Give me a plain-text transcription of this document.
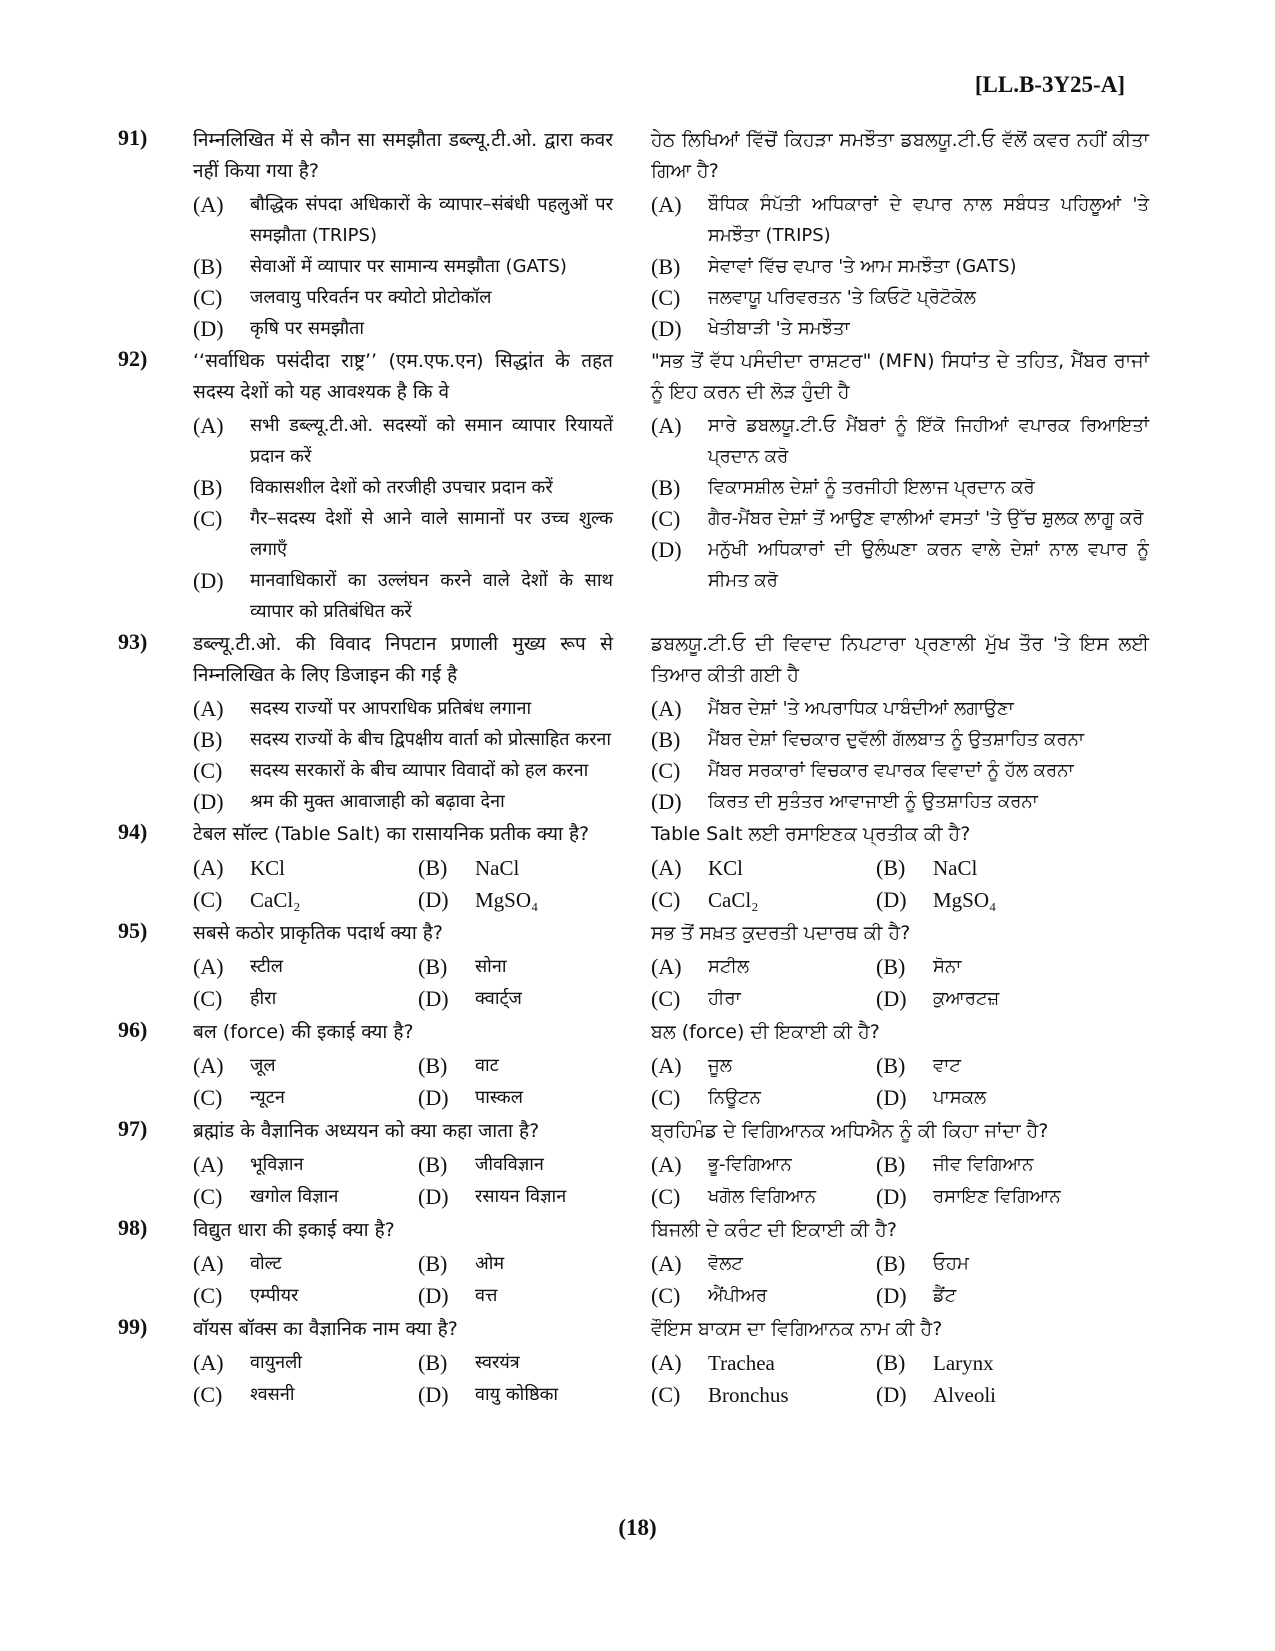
[LL.B-3Y25-A]
91) निम्नलिखित में से कौन सा समझौता डब्ल्यू.टी.ओ. द्वारा कवर नहीं किया गया है?
(A)	बौद्धिक संपदा अधिकारों के व्यापार–संबंधी पहलुओं पर समझौता (TRIPS)
(B)	सेवाओं में व्यापार पर सामान्य समझौता (GATS)
(C)	जलवायु परिवर्तन पर क्योटो प्रोटोकॉल
(D)	कृषि पर समझौता
ਹੇਠ ਲਿਖਿਆਂ ਵਿੱਚੋਂ ਕਿਹੜਾ ਸਮਝੌਤਾ ਡਬਲਯੂ.ਟੀ.ਓ ਵੱਲੋਂ ਕਵਰ ਨਹੀਂ ਕੀਤਾ ਗਿਆ ਹੈ?
(A)	ਬੌਧਿਕ ਸੰਪੱਤੀ ਅਧਿਕਾਰਾਂ ਦੇ ਵਪਾਰ ਨਾਲ ਸਬੰਧਤ ਪਹਿਲੂਆਂ 'ਤੇ ਸਮਝੌਤਾ (TRIPS)
(B)	ਸੇਵਾਵਾਂ ਵਿੱਚ ਵਪਾਰ 'ਤੇ ਆਮ ਸਮਝੌਤਾ (GATS)
(C)	ਜਲਵਾਯੂ ਪਰਿਵਰਤਨ 'ਤੇ ਕਿਓਟੋ ਪ੍ਰੋਟੋਕੋਲ
(D)	ਖੇਤੀਬਾੜੀ 'ਤੇ ਸਮਝੌਤਾ
92) ‘‘सर्वाधिक पसंदीदा राष्ट्र’’ (एम.एफ.एन) सिद्धांत के तहत सदस्य देशों को यह आवश्यक है कि वे
(A)	सभी डब्ल्यू.टी.ओ. सदस्यों को समान व्यापार रियायतें प्रदान करें
(B)	विकासशील देशों को तरजीही उपचार प्रदान करें
(C)	गैर–सदस्य देशों से आने वाले सामानों पर उच्च शुल्क लगाएँ
(D)	मानवाधिकारों का उल्लंघन करने वाले देशों के साथ व्यापार को प्रतिबंधित करें
"ਸਭ ਤੋਂ ਵੱਧ ਪਸੰਦੀਦਾ ਰਾਸ਼ਟਰ" (MFN) ਸਿਧਾਂਤ ਦੇ ਤਹਿਤ, ਮੈਂਬਰ ਰਾਜਾਂ ਨੂੰ ਇਹ ਕਰਨ ਦੀ ਲੋੜ ਹੁੰਦੀ ਹੈ
(A)	ਸਾਰੇ ਡਬਲਯੂ.ਟੀ.ਓ ਮੈਂਬਰਾਂ ਨੂੰ ਇੱਕੋ ਜਿਹੀਆਂ ਵਪਾਰਕ ਰਿਆਇਤਾਂ ਪ੍ਰਦਾਨ ਕਰੋ
(B)	ਵਿਕਾਸਸ਼ੀਲ ਦੇਸ਼ਾਂ ਨੂੰ ਤਰਜੀਹੀ ਇਲਾਜ ਪ੍ਰਦਾਨ ਕਰੋ
(C)	ਗੈਰ-ਮੈਂਬਰ ਦੇਸ਼ਾਂ ਤੋਂ ਆਉਣ ਵਾਲੀਆਂ ਵਸਤਾਂ 'ਤੇ ਉੱਚ ਸ਼ੁਲਕ ਲਾਗੂ ਕਰੋ
(D)	ਮਨੁੱਖੀ ਅਧਿਕਾਰਾਂ ਦੀ ਉਲੰਘਣਾ ਕਰਨ ਵਾਲੇ ਦੇਸ਼ਾਂ ਨਾਲ ਵਪਾਰ ਨੂੰ ਸੀਮਤ ਕਰੋ
93) डब्ल्यू.टी.ओ. की विवाद निपटान प्रणाली मुख्य रूप से निम्नलिखित के लिए डिजाइन की गई है
(A)	सदस्य राज्यों पर आपराधिक प्रतिबंध लगाना
(B)	सदस्य राज्यों के बीच द्विपक्षीय वार्ता को प्रोत्साहित करना
(C)	सदस्य सरकारों के बीच व्यापार विवादों को हल करना
(D)	श्रम की मुक्त आवाजाही को बढ़ावा देना
ਡਬਲਯੂ.ਟੀ.ਓ ਦੀ ਵਿਵਾਦ ਨਿਪਟਾਰਾ ਪ੍ਰਣਾਲੀ ਮੁੱਖ ਤੌਰ 'ਤੇ ਇਸ ਲਈ ਤਿਆਰ ਕੀਤੀ ਗਈ ਹੈ
(A)	ਮੈਂਬਰ ਦੇਸ਼ਾਂ 'ਤੇ ਅਪਰਾਧਿਕ ਪਾਬੰਦੀਆਂ ਲਗਾਉਣਾ
(B)	ਮੈਂਬਰ ਦੇਸ਼ਾਂ ਵਿਚਕਾਰ ਦੁਵੱਲੀ ਗੱਲਬਾਤ ਨੂੰ ਉਤਸ਼ਾਹਿਤ ਕਰਨਾ
(C)	ਮੈਂਬਰ ਸਰਕਾਰਾਂ ਵਿਚਕਾਰ ਵਪਾਰਕ ਵਿਵਾਦਾਂ ਨੂੰ ਹੱਲ ਕਰਨਾ
(D)	ਕਿਰਤ ਦੀ ਸੁਤੰਤਰ ਆਵਾਜਾਈ ਨੂੰ ਉਤਸ਼ਾਹਿਤ ਕਰਨਾ
94) टेबल सॉल्ट (Table Salt) का रासायनिक प्रतीक क्या है?
(A)	KCl	(B)	NaCl
(C)	CaCl₂	(D)	MgSO₄
Table Salt ਲਈ ਰਸਾਇਣਕ ਪ੍ਰਤੀਕ ਕੀ ਹੈ?
(A)	KCl	(B)	NaCl
(C)	CaCl₂	(D)	MgSO₄
95) सबसे कठोर प्राकृतिक पदार्थ क्या है?
(A)	स्टील	(B)	सोना
(C)	हीरा	(D)	क्वार्ट्ज
ਸਭ ਤੋਂ ਸਖ਼ਤ ਕੁਦਰਤੀ ਪਦਾਰਥ ਕੀ ਹੈ?
(A)	ਸਟੀਲ	(B)	ਸੋਨਾ
(C)	ਹੀਰਾ	(D)	ਕੁਆਰਟਜ਼
96) बल (force) की इकाई क्या है?
(A)	जूल	(B)	वाट
(C)	न्यूटन	(D)	पास्कल
ਬਲ (force) ਦੀ ਇਕਾਈ ਕੀ ਹੈ?
(A)	ਜੂਲ	(B)	ਵਾਟ
(C)	ਨਿਊਟਨ	(D)	ਪਾਸਕਲ
97) ब्रह्मांड के वैज्ञानिक अध्ययन को क्या कहा जाता है?
(A)	भूविज्ञान	(B)	जीवविज्ञान
(C)	खगोल विज्ञान	(D)	रसायन विज्ञान
ਬ੍ਰਹਿਮੰਡ ਦੇ ਵਿਗਿਆਨਕ ਅਧਿਐਨ ਨੂੰ ਕੀ ਕਿਹਾ ਜਾਂਦਾ ਹੈ?
(A)	ਭੂ-ਵਿਗਿਆਨ	(B)	ਜੀਵ ਵਿਗਿਆਨ
(C)	ਖਗੋਲ ਵਿਗਿਆਨ	(D)	ਰਸਾਇਣ ਵਿਗਿਆਨ
98) विद्युत धारा की इकाई क्या है?
(A)	वोल्ट	(B)	ओम
(C)	एम्पीयर	(D)	वत्त
ਬਿਜਲੀ ਦੇ ਕਰੰਟ ਦੀ ਇਕਾਈ ਕੀ ਹੈ?
(A)	ਵੋਲਟ	(B)	ਓਹਮ
(C)	ਐਂਪੀਅਰ	(D)	ਡੈਂਟ
99) वॉयस बॉक्स का वैज्ञानिक नाम क्या है?
(A)	वायुनली	(B)	स्वरयंत्र
(C)	श्वसनी	(D)	वायु कोष्ठिका
ਵੌਇਸ ਬਾਕਸ ਦਾ ਵਿਗਿਆਨਕ ਨਾਮ ਕੀ ਹੈ?
(A)	Trachea	(B)	Larynx
(C)	Bronchus	(D)	Alveoli
(18)
